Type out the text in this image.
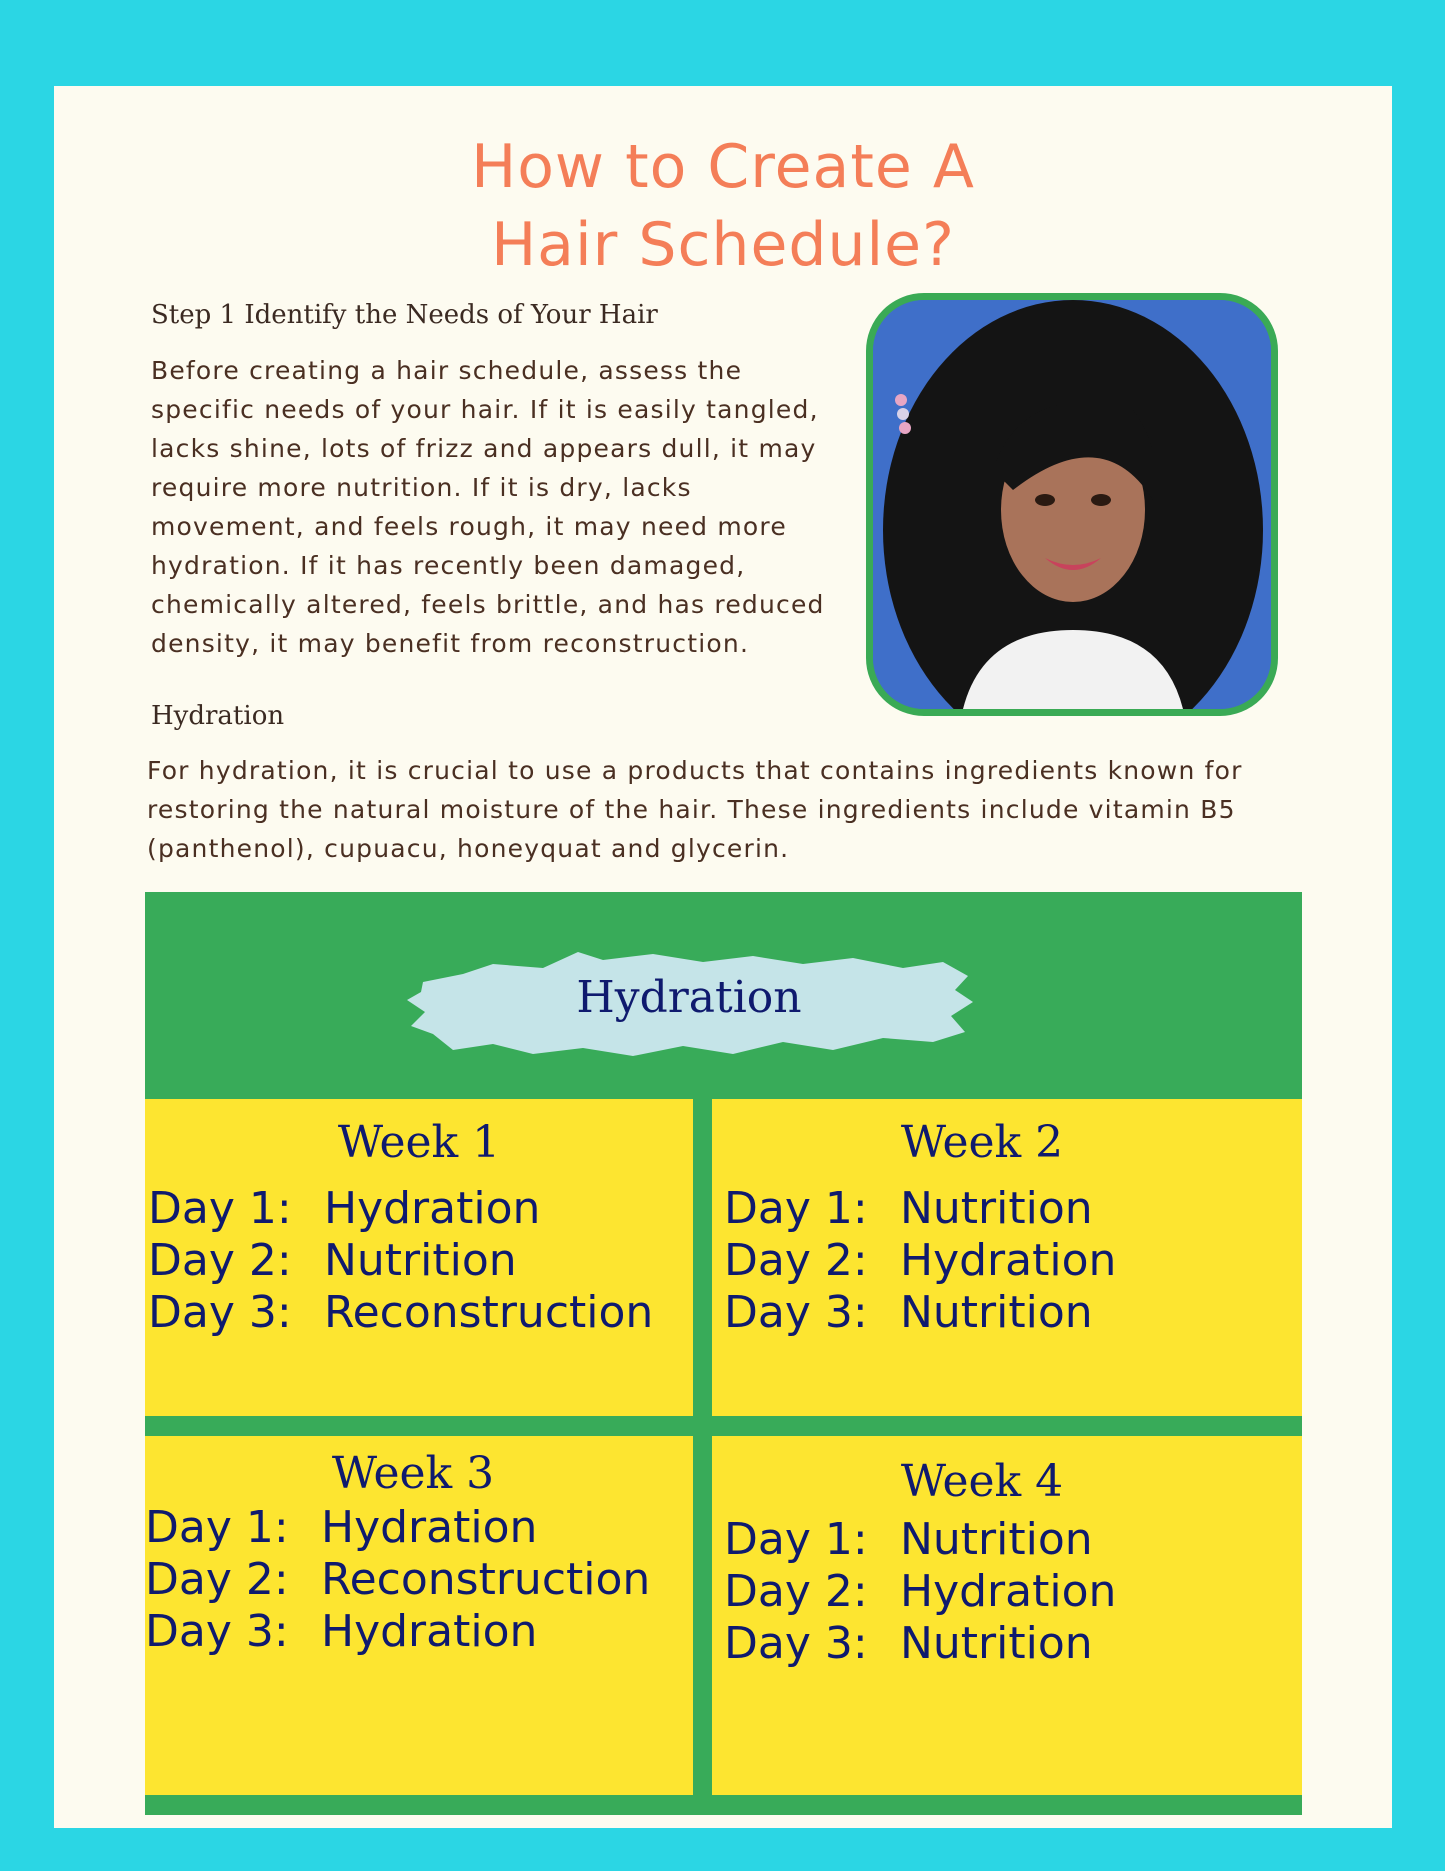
How to Create A
Hair Schedule?
Step 1 Identify the Needs of Your Hair

Before creating a hair schedule, assess the specific needs of your hair. If it is easily tangled, lacks shine, lots of frizz and appears dull, it may require more nutrition. If it is dry, lacks movement, and feels rough, it may need more hydration. If it has recently been damaged, chemically altered, feels brittle, and has reduced density, it may benefit from reconstruction.

Hydration

For hydration, it is crucial to use a products that contains ingredients known for restoring the natural moisture of the hair. These ingredients include vitamin B5 (panthenol), cupuacu, honeyquat and glycerin.

Hydration
Week 1
Day 1: Hydration
Day 2: Nutrition
Day 3: Reconstruction
Week 2
Day 1: Nutrition
Day 2: Hydration
Day 3: Nutrition
Week 3
Day 1: Hydration
Day 2: Reconstruction
Day 3: Hydration
Week 4
Day 1: Nutrition
Day 2: Hydration
Day 3: Nutrition
